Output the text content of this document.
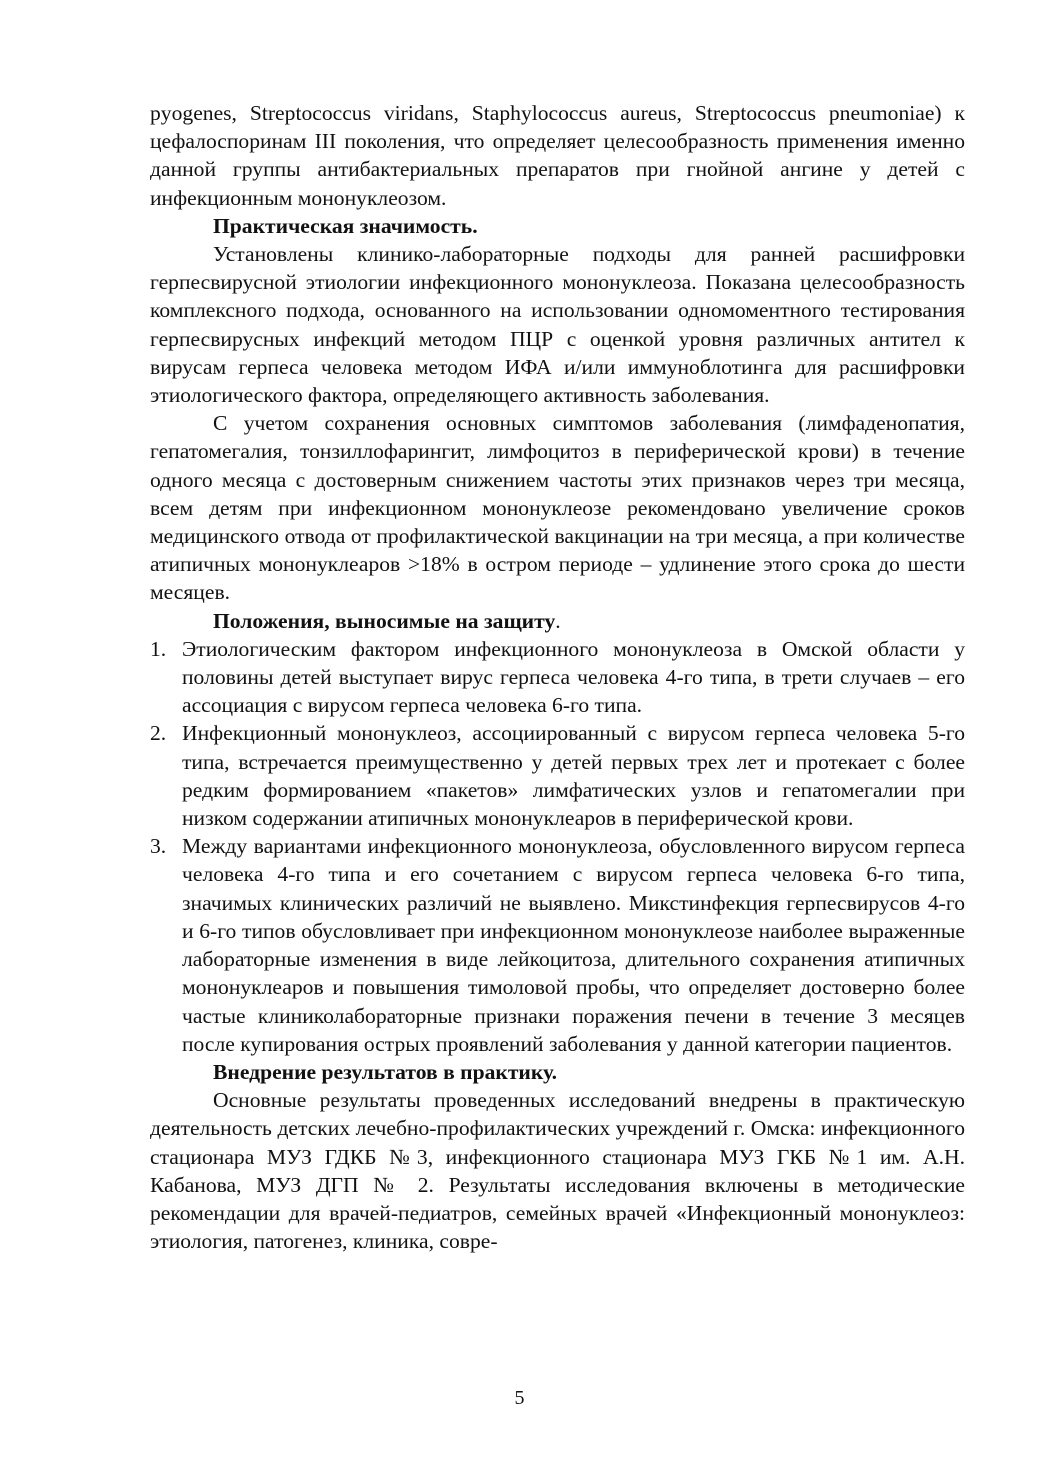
pyogenes, Streptococcus viridans, Staphylococcus aureus, Streptococcus pneumoniae) к цефалоспоринам III поколения, что определяет целесообразность применения именно данной группы антибактериальных препаратов при гнойной ангине у детей с инфекционным мононуклеозом.

Практическая значимость.

Установлены клинико-лабораторные подходы для ранней расшифровки герпесвирусной этиологии инфекционного мононуклеоза. Показана целесообразность комплексного подхода, основанного на использовании одномоментного тестирования герпесвирусных инфекций методом ПЦР с оценкой уровня различных антител к вирусам герпеса человека методом ИФА и/или иммуноблотинга для расшифровки этиологического фактора, определяющего активность заболевания.

С учетом сохранения основных симптомов заболевания (лимфаденопатия, гепатомегалия, тонзиллофарингит, лимфоцитоз в периферической крови) в течение одного месяца с достоверным снижением частоты этих признаков через три месяца, всем детям при инфекционном мононуклеозе рекомендовано увеличение сроков медицинского отвода от профилактической вакцинации на три месяца, а при количестве атипичных мононуклеаров >18% в остром периоде – удлинение этого срока до шести месяцев.

Положения, выносимые на защиту.

1. Этиологическим фактором инфекционного мононуклеоза в Омской области у половины детей выступает вирус герпеса человека 4-го типа, в трети случаев – его ассоциация с вирусом герпеса человека 6-го типа.
2. Инфекционный мононуклеоз, ассоциированный с вирусом герпеса человека 5-го типа, встречается преимущественно у детей первых трех лет и протекает с более редким формированием «пакетов» лимфатических узлов и гепатомегалии при низком содержании атипичных мононуклеаров в периферической крови.
3. Между вариантами инфекционного мононуклеоза, обусловленного вирусом герпеса человека 4-го типа и его сочетанием с вирусом герпеса человека 6-го типа, значимых клинических различий не выявлено. Микстинфекция герпесвирусов 4-го и 6-го типов обусловливает при инфекционном мононуклеозе наиболее выраженные лабораторные изменения в виде лейкоцитоза, длительного сохранения атипичных мононуклеаров и повышения тимоловой пробы, что определяет достоверно более частые клиниколабораторные признаки поражения печени в течение 3 месяцев после купирования острых проявлений заболевания у данной категории пациентов.

Внедрение результатов в практику.

Основные результаты проведенных исследований внедрены в практическую деятельность детских лечебно-профилактических учреждений г. Омска: инфекционного стационара МУЗ ГДКБ №3, инфекционного стационара МУЗ ГКБ №1 им. А.Н. Кабанова, МУЗ ДГП № 2. Результаты исследования включены в методические рекомендации для врачей-педиатров, семейных врачей «Инфекционный мононуклеоз: этиология, патогенез, клиника, совре-

5
